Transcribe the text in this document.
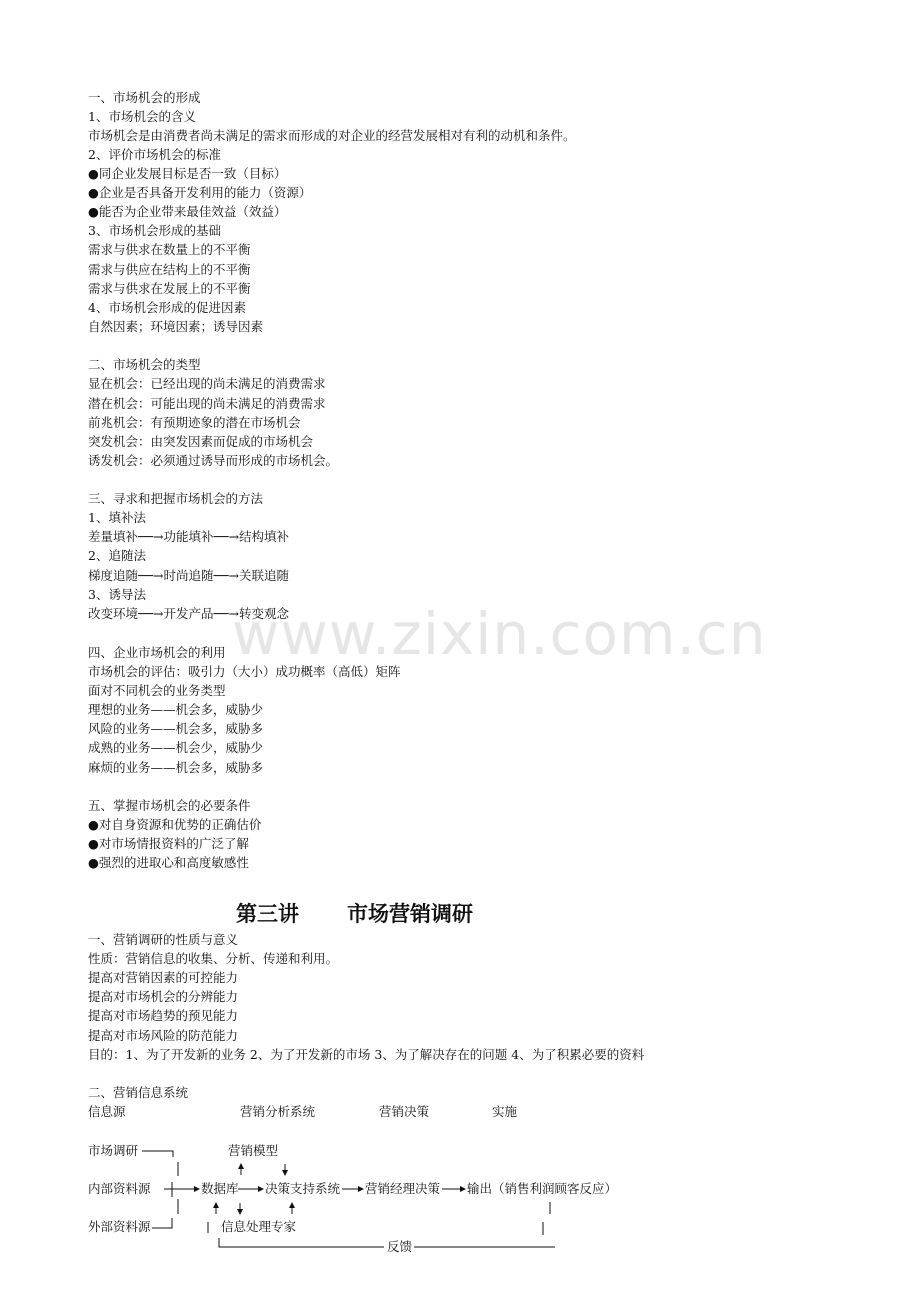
www.zixin.com.cn
一、市场机会的形成
1、市场机会的含义
市场机会是由消费者尚未满足的需求而形成的对企业的经营发展相对有利的动机和条件。
2、评价市场机会的标准
●同企业发展目标是否一致（目标）
●企业是否具备开发利用的能力（资源）
●能否为企业带来最佳效益（效益）
3、市场机会形成的基础
需求与供求在数量上的不平衡
需求与供应在结构上的不平衡
需求与供求在发展上的不平衡
4、市场机会形成的促进因素
自然因素；环境因素；诱导因素
二、市场机会的类型
显在机会：已经出现的尚未满足的消费需求
潜在机会：可能出现的尚未满足的消费需求
前兆机会：有预期迹象的潜在市场机会
突发机会：由突发因素而促成的市场机会
诱发机会：必须通过诱导而形成的市场机会。
三、寻求和把握市场机会的方法
1、填补法
差量填补──→功能填补──→结构填补
2、追随法
梯度追随──→时尚追随──→关联追随
3、诱导法
改变环境──→开发产品──→转变观念
四、企业市场机会的利用
市场机会的评估：吸引力（大小）成功概率（高低）矩阵
面对不同机会的业务类型
理想的业务——机会多，威胁少
风险的业务——机会多，威胁多
成熟的业务——机会少，威胁少
麻烦的业务——机会多，威胁多
五、掌握市场机会的必要条件
●对自身资源和优势的正确估价
●对市场情报资料的广泛了解
●强烈的进取心和高度敏感性
第三讲 市场营销调研
一、营销调研的性质与意义
性质：营销信息的收集、分析、传递和利用。
提高对营销因素的可控能力
提高对市场机会的分辨能力
提高对市场趋势的预见能力
提高对市场风险的防范能力
目的：1、为了开发新的业务 2、为了开发新的市场 3、为了解决存在的问题 4、为了积累必要的资料
二、营销信息系统
信息源	营销分析系统	营销决策	实施
市场调研	营销模型
内部资料源	数据库 决策支持系统 营销经理决策 输出（销售利润顾客反应）
外部资料源	信息处理专家
反馈
